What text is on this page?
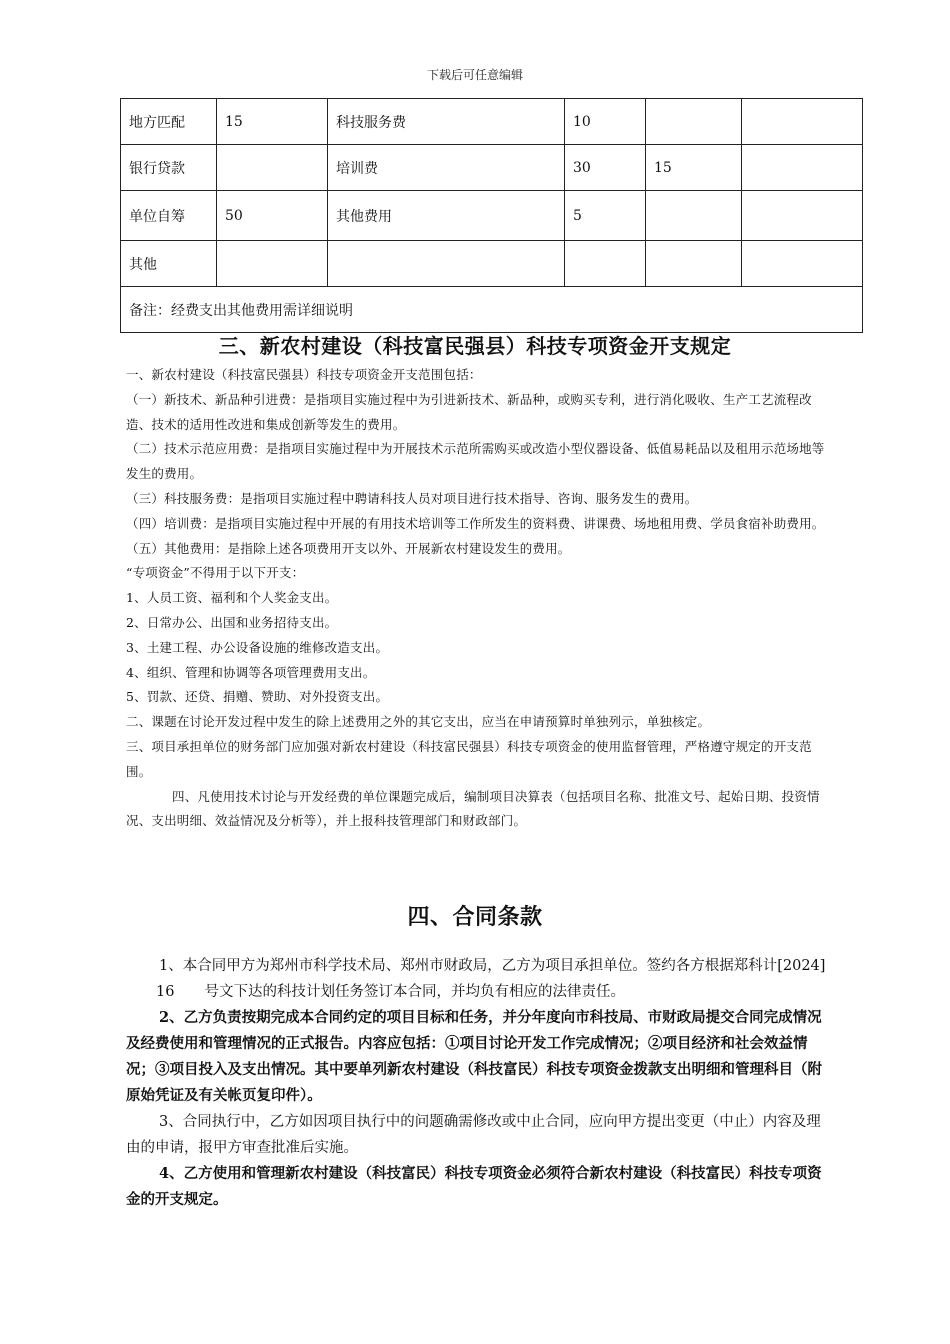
下载后可任意编辑
地方匹配	15	科技服务费	10		
银行贷款		培训费	30	15	
单位自筹	50	其他费用	5		
其他					
备注：经费支出其他费用需详细说明					
三、新农村建设（科技富民强县）科技专项资金开支规定

一、新农村建设（科技富民强县）科技专项资金开支范围包括：

（一）新技术、新品种引进费：是指项目实施过程中为引进新技术、新品种，或购买专利，进行消化吸收、生产工艺流程改造、技术的适用性改进和集成创新等发生的费用。

（二）技术示范应用费：是指项目实施过程中为开展技术示范所需购买或改造小型仪器设备、低值易耗品以及租用示范场地等发生的费用。

（三）科技服务费：是指项目实施过程中聘请科技人员对项目进行技术指导、咨询、服务发生的费用。

（四）培训费：是指项目实施过程中开展的有用技术培训等工作所发生的资料费、讲课费、场地租用费、学员食宿补助费用。

（五）其他费用：是指除上述各项费用开支以外、开展新农村建设发生的费用。

“专项资金”不得用于以下开支：

1、人员工资、福利和个人奖金支出。

2、日常办公、出国和业务招待支出。

3、土建工程、办公设备设施的维修改造支出。

4、组织、管理和协调等各项管理费用支出。

5、罚款、还贷、捐赠、赞助、对外投资支出。

二、课题在讨论开发过程中发生的除上述费用之外的其它支出，应当在申请预算时单独列示，单独核定。

三、项目承担单位的财务部门应加强对新农村建设（科技富民强县）科技专项资金的使用监督管理，严格遵守规定的开支范围。

四、凡使用技术讨论与开发经费的单位课题完成后，编制项目决算表（包括项目名称、批准文号、起始日期、投资情况、支出明细、效益情况及分析等），并上报科技管理部门和财政部门。

四、合同条款

1、本合同甲方为郑州市科学技术局、郑州市财政局，乙方为项目承担单位。签约各方根据郑科计[2024]16 号文下达的科技计划任务签订本合同，并均负有相应的法律责任。

2、乙方负责按期完成本合同约定的项目目标和任务，并分年度向市科技局、市财政局提交合同完成情况及经费使用和管理情况的正式报告。内容应包括：①项目讨论开发工作完成情况；②项目经济和社会效益情况；③项目投入及支出情况。其中要单列新农村建设（科技富民）科技专项资金拨款支出明细和管理科目（附原始凭证及有关帐页复印件）。

3、合同执行中，乙方如因项目执行中的问题确需修改或中止合同，应向甲方提出变更（中止）内容及理由的申请，报甲方审查批准后实施。

4、乙方使用和管理新农村建设（科技富民）科技专项资金必须符合新农村建设（科技富民）科技专项资金的开支规定。
